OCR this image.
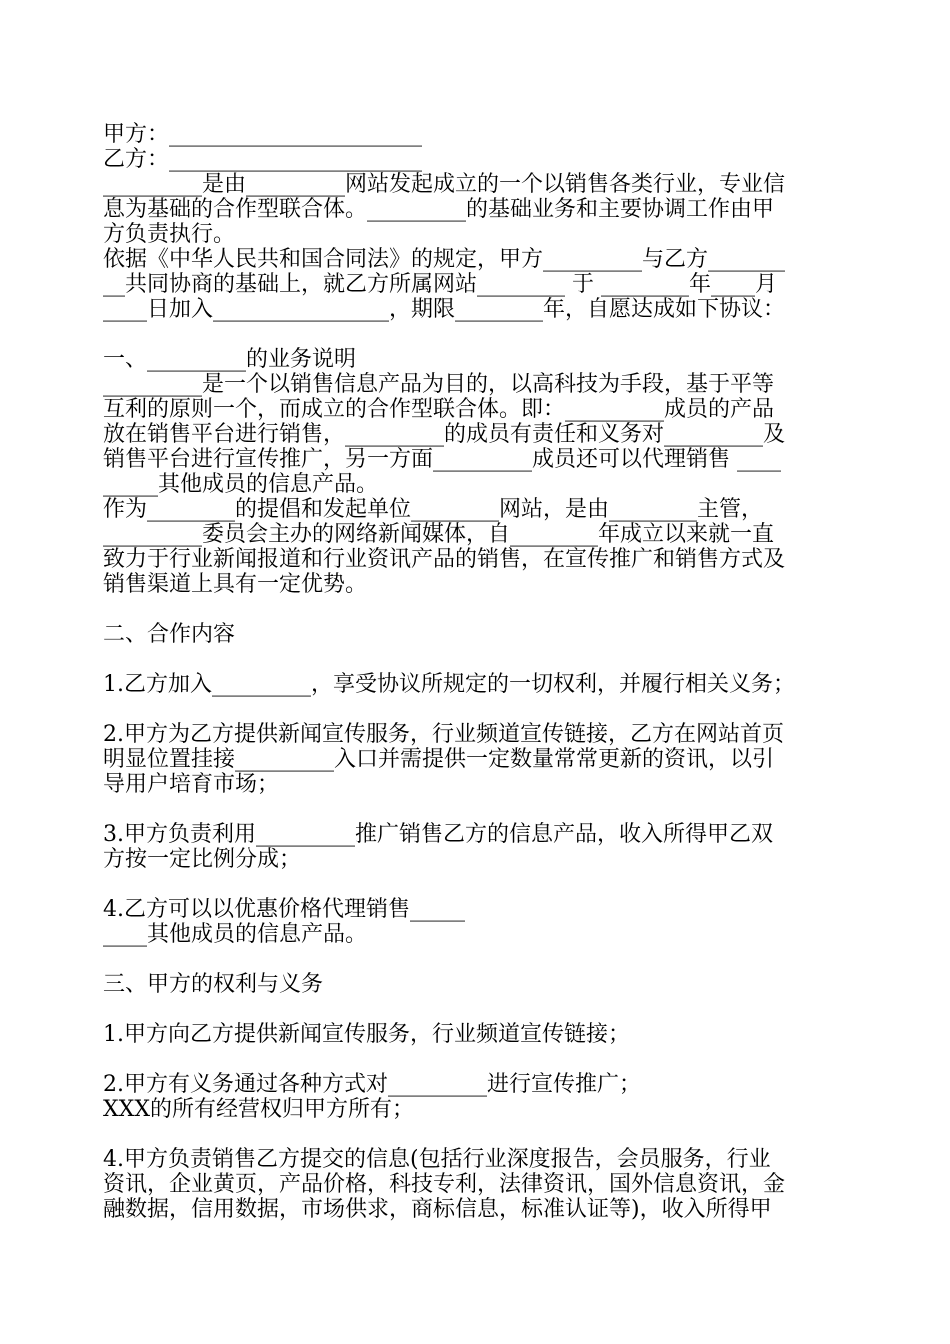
甲方：_______________________
乙方：_______________________
_________是由_________网站发起成立的一个以销售各类行业，专业信
息为基础的合作型联合体。_________的基础业务和主要协调工作由甲
方负责执行。
依据《中华人民共和国合同法》的规定，甲方_________与乙方_______
__共同协商的基础上，就乙方所属网站________ 于 ________年____月
____日加入________________，期限________年，自愿达成如下协议：
一、_________的业务说明
_________是一个以销售信息产品为目的，以高科技为手段，基于平等
互利的原则一个，而成立的合作型联合体。即：_________成员的产品
放在销售平台进行销售，_________的成员有责任和义务对_________及
销售平台进行宣传推广，另一方面_________成员还可以代理销售 ____
_____其他成员的信息产品。
作为________的提倡和发起单位________网站，是由________主管，
_________委员会主办的网络新闻媒体，自________年成立以来就一直
致力于行业新闻报道和行业资讯产品的销售，在宣传推广和销售方式及
销售渠道上具有一定优势。
二、合作内容
1.乙方加入_________，享受协议所规定的一切权利，并履行相关义务；
2.甲方为乙方提供新闻宣传服务，行业频道宣传链接，乙方在网站首页
明显位置挂接_________入口并需提供一定数量常常更新的资讯，以引
导用户培育市场；
3.甲方负责利用_________推广销售乙方的信息产品，收入所得甲乙双
方按一定比例分成；
4.乙方可以以优惠价格代理销售_____
____其他成员的信息产品。
三、甲方的权利与义务
1.甲方向乙方提供新闻宣传服务，行业频道宣传链接；
2.甲方有义务通过各种方式对_________进行宣传推广；
XXX的所有经营权归甲方所有；
4.甲方负责销售乙方提交的信息(包括行业深度报告，会员服务，行业
资讯，企业黄页，产品价格，科技专利，法律资讯，国外信息资讯，金
融数据，信用数据，市场供求，商标信息，标准认证等)，收入所得甲
